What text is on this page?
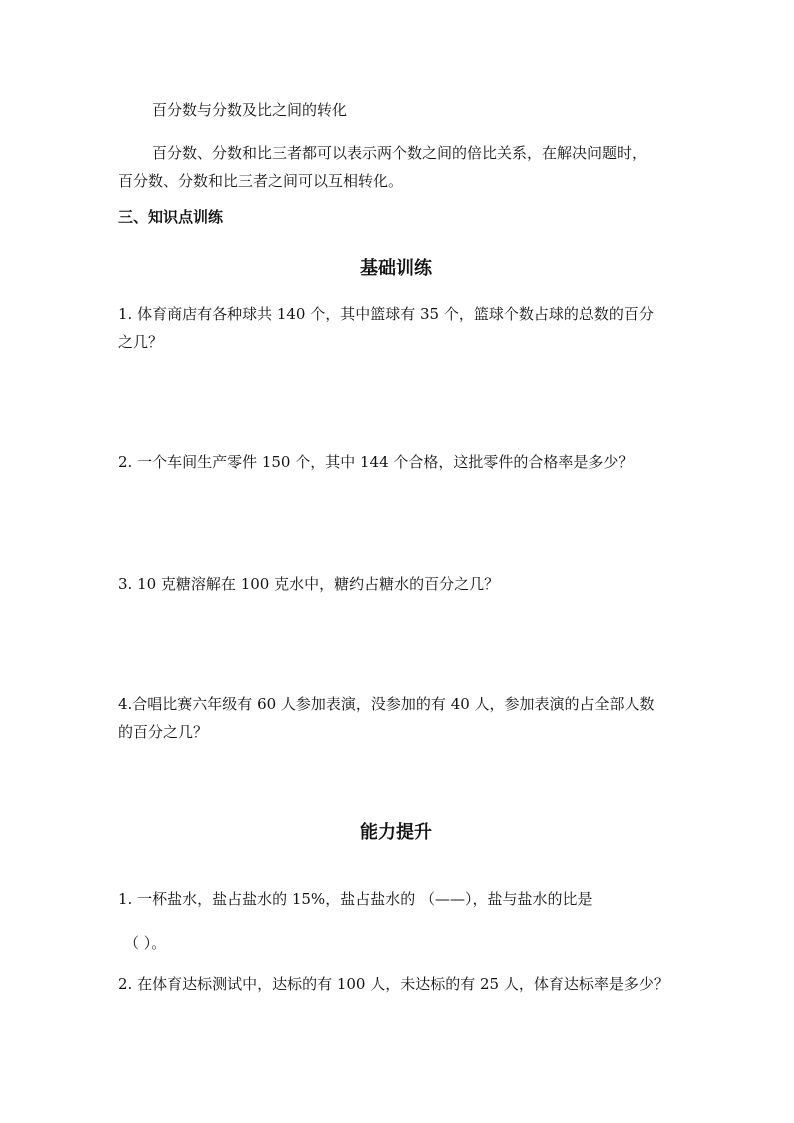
百分数与分数及比之间的转化
百分数、分数和比三者都可以表示两个数之间的倍比关系，在解决问题时，
百分数、分数和比三者之间可以互相转化。
三、知识点训练
基础训练
1. 体育商店有各种球共 140 个，其中篮球有 35 个，篮球个数占球的总数的百分
之几？
2. 一个车间生产零件 150 个，其中 144 个合格，这批零件的合格率是多少？
3. 10 克糖溶解在 100 克水中，糖约占糖水的百分之几？
4.合唱比赛六年级有 60 人参加表演，没参加的有 40 人，参加表演的占全部人数
的百分之几？
能力提升
1. 一杯盐水，盐占盐水的 15%，盐占盐水的 （——），盐与盐水的比是
（ ）。
2. 在体育达标测试中，达标的有 100 人，未达标的有 25 人，体育达标率是多少？
